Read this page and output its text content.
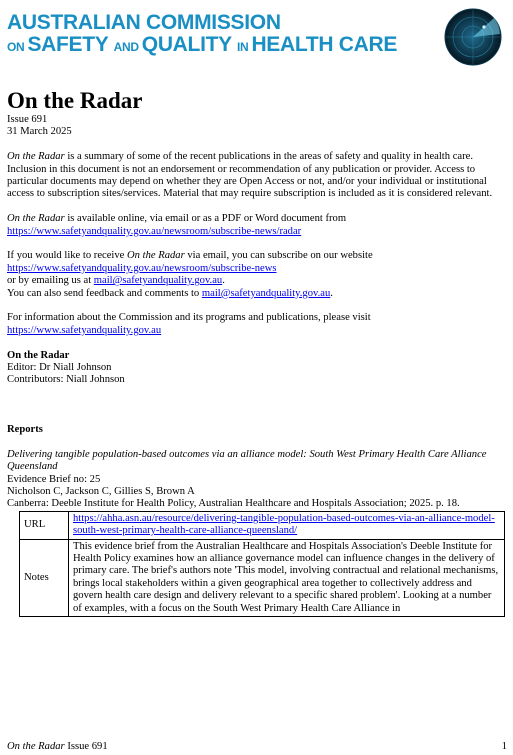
AUSTRALIAN COMMISSION
ON SAFETY AND QUALITY IN HEALTH CARE
On the Radar

Issue 691

31 March 2025

On the Radar is a summary of some of the recent publications in the areas of safety and quality in health care. Inclusion in this document is not an endorsement or recommendation of any publication or provider. Access to particular documents may depend on whether they are Open Access or not, and/or your individual or institutional access to subscription sites/services. Material that may require subscription is included as it is considered relevant.

On the Radar is available online, via email or as a PDF or Word document from

https://www.safetyandquality.gov.au/newsroom/subscribe-news/radar

If you would like to receive On the Radar via email, you can subscribe on our website

https://www.safetyandquality.gov.au/newsroom/subscribe-news

or by emailing us at mail@safetyandquality.gov.au.

You can also send feedback and comments to mail@safetyandquality.gov.au.

For information about the Commission and its programs and publications, please visit

https://www.safetyandquality.gov.au

On the Radar

Editor: Dr Niall Johnson

Contributors: Niall Johnson

Reports

Delivering tangible population-based outcomes via an alliance model: South West Primary Health Care Alliance Queensland

Evidence Brief no: 25

Nicholson C, Jackson C, Gillies S, Brown A

Canberra: Deeble Institute for Health Policy, Australian Healthcare and Hospitals Association; 2025. p. 18.

URL	https://ahha.asn.au/resource/delivering-tangible-population-based-outcomes-via-an-alliance-model-south-west-primary-health-care-alliance-queensland/
Notes	This evidence brief from the Australian Healthcare and Hospitals Association's Deeble Institute for Health Policy examines how an alliance governance model can influence changes in the delivery of primary care. The brief's authors note 'This model, involving contractual and relational mechanisms, brings local stakeholders within a given geographical area together to collectively address and govern health care design and delivery relevant to a specific shared problem'. Looking at a number of examples, with a focus on the South West Primary Health Care Alliance in
On the Radar Issue 691	1
